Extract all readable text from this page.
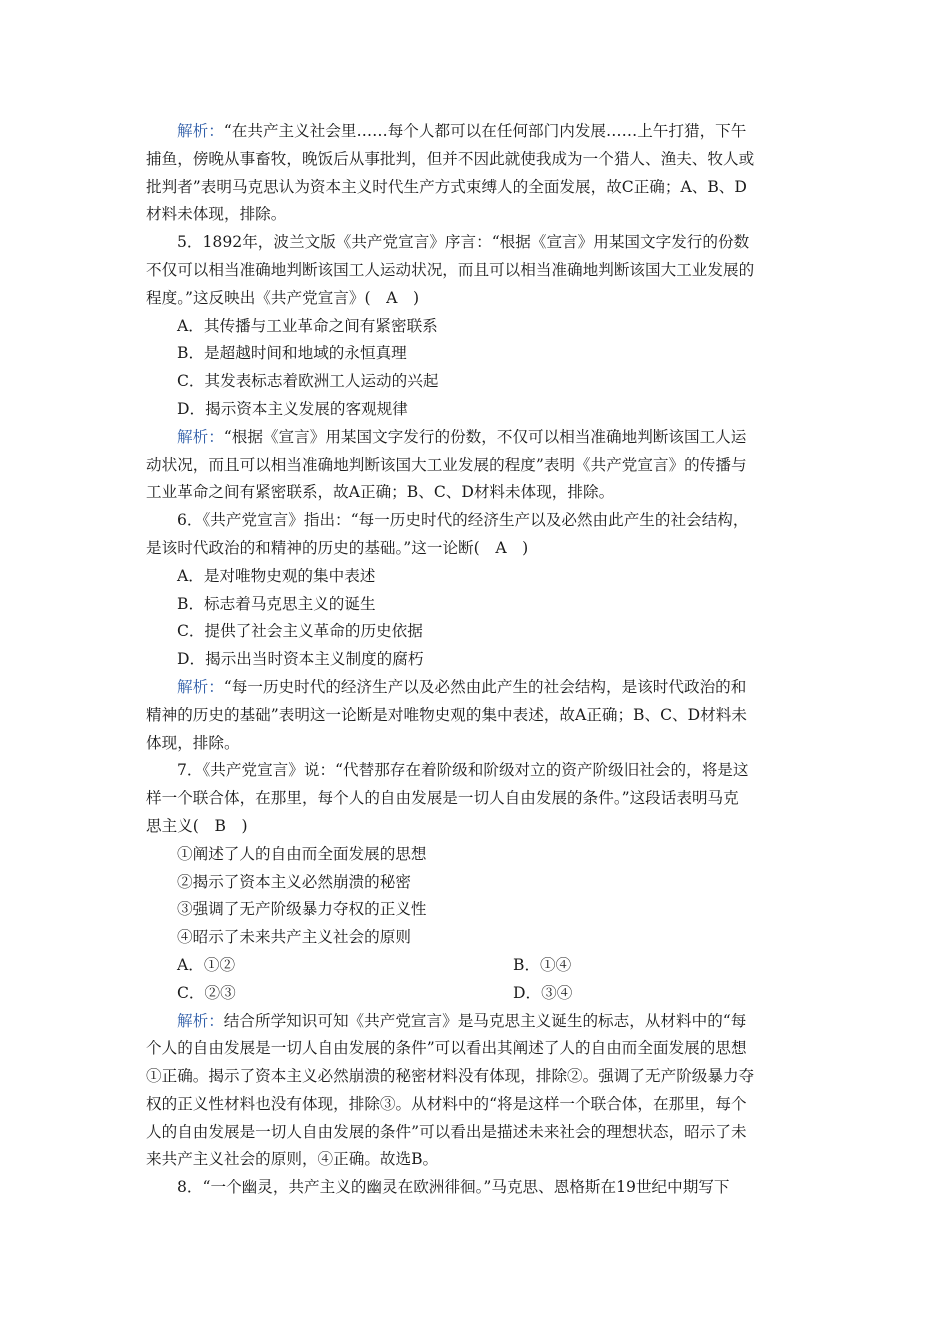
解析：“在共产主义社会里……每个人都可以在任何部门内发展……上午打猎，下午
捕鱼，傍晚从事畜牧，晚饭后从事批判，但并不因此就使我成为一个猎人、渔夫、牧人或
批判者”表明马克思认为资本主义时代生产方式束缚人的全面发展，故C正确；A、B、D
材料未体现，排除。
5．1892年，波兰文版《共产党宣言》序言：“根据《宣言》用某国文字发行的份数
不仅可以相当准确地判断该国工人运动状况，而且可以相当准确地判断该国大工业发展的
程度。”这反映出《共产党宣言》(　A　)
A．其传播与工业革命之间有紧密联系
B．是超越时间和地域的永恒真理
C．其发表标志着欧洲工人运动的兴起
D．揭示资本主义发展的客观规律
解析：“根据《宣言》用某国文字发行的份数，不仅可以相当准确地判断该国工人运
动状况，而且可以相当准确地判断该国大工业发展的程度”表明《共产党宣言》的传播与
工业革命之间有紧密联系，故A正确；B、C、D材料未体现，排除。
6．《共产党宣言》指出：“每一历史时代的经济生产以及必然由此产生的社会结构，
是该时代政治的和精神的历史的基础。”这一论断(　A　)
A．是对唯物史观的集中表述
B．标志着马克思主义的诞生
C．提供了社会主义革命的历史依据
D．揭示出当时资本主义制度的腐朽
解析：“每一历史时代的经济生产以及必然由此产生的社会结构，是该时代政治的和
精神的历史的基础”表明这一论断是对唯物史观的集中表述，故A正确；B、C、D材料未
体现，排除。
7．《共产党宣言》说：“代替那存在着阶级和阶级对立的资产阶级旧社会的，将是这
样一个联合体，在那里，每个人的自由发展是一切人自由发展的条件。”这段话表明马克
思主义(　B　)
①阐述了人的自由而全面发展的思想
②揭示了资本主义必然崩溃的秘密
③强调了无产阶级暴力夺权的正义性
④昭示了未来共产主义社会的原则
A．①②	B．①④
C．②③	D．③④
解析：结合所学知识可知《共产党宣言》是马克思主义诞生的标志，从材料中的“每
个人的自由发展是一切人自由发展的条件”可以看出其阐述了人的自由而全面发展的思想
①正确。揭示了资本主义必然崩溃的秘密材料没有体现，排除②。强调了无产阶级暴力夺
权的正义性材料也没有体现，排除③。从材料中的“将是这样一个联合体，在那里，每个
人的自由发展是一切人自由发展的条件”可以看出是描述未来社会的理想状态，昭示了未
来共产主义社会的原则，④正确。故选B。
8．“一个幽灵，共产主义的幽灵在欧洲徘徊。”马克思、恩格斯在19世纪中期写下
